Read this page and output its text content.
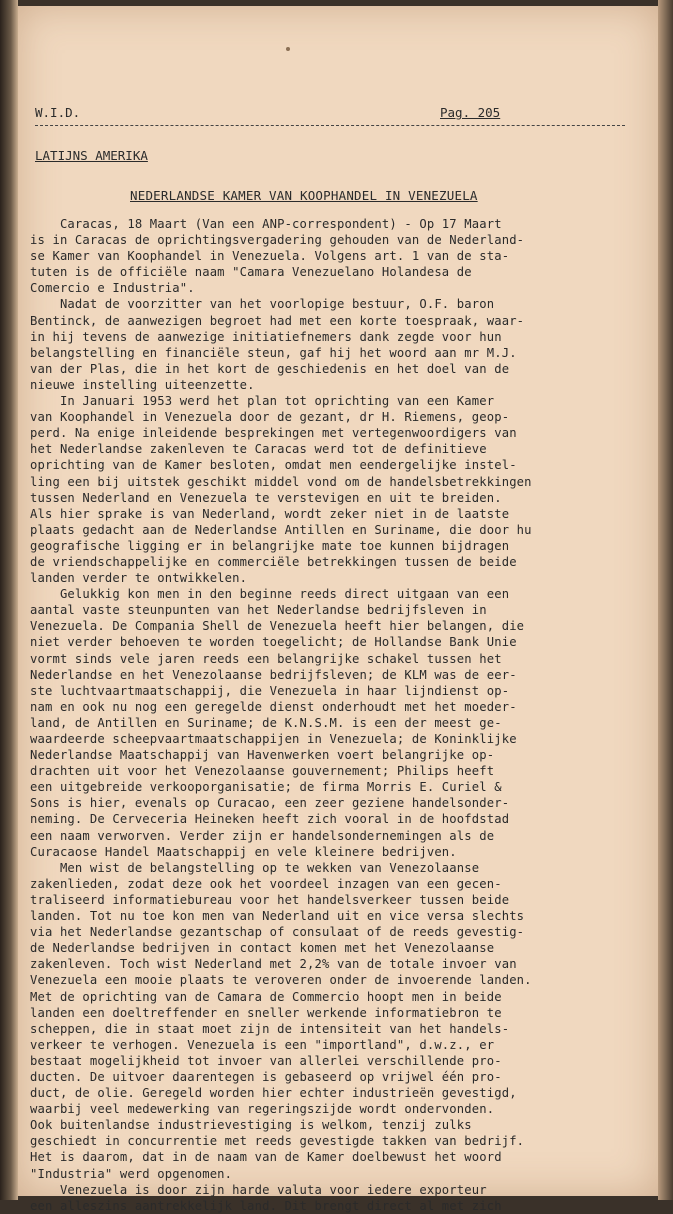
W.I.D.	Pag. 205
LATIJNS AMERIKA
NEDERLANDSE KAMER VAN KOOPHANDEL IN VENEZUELA
Caracas, 18 Maart (Van een ANP-correspondent) - Op 17 Maart
is in Caracas de oprichtingsvergadering gehouden van de Nederland-
se Kamer van Koophandel in Venezuela. Volgens art. 1 van de sta-
tuten is de officiële naam "Camara Venezuelano Holandesa de
Comercio e Industria".
Nadat de voorzitter van het voorlopige bestuur, O.F. baron
Bentinck, de aanwezigen begroet had met een korte toespraak, waar-
in hij tevens de aanwezige initiatiefnemers dank zegde voor hun
belangstelling en financiële steun, gaf hij het woord aan mr M.J.
van der Plas, die in het kort de geschiedenis en het doel van de
nieuwe instelling uiteenzette.
In Januari 1953 werd het plan tot oprichting van een Kamer
van Koophandel in Venezuela door de gezant, dr H. Riemens, geop-
perd. Na enige inleidende besprekingen met vertegenwoordigers van
het Nederlandse zakenleven te Caracas werd tot de definitieve
oprichting van de Kamer besloten, omdat men eendergelijke instel-
ling een bij uitstek geschikt middel vond om de handelsbetrekkingen
tussen Nederland en Venezuela te verstevigen en uit te breiden.
Als hier sprake is van Nederland, wordt zeker niet in de laatste
plaats gedacht aan de Nederlandse Antillen en Suriname, die door hu
geografische ligging er in belangrijke mate toe kunnen bijdragen
de vriendschappelijke en commerciële betrekkingen tussen de beide
landen verder te ontwikkelen.
Gelukkig kon men in den beginne reeds direct uitgaan van een
aantal vaste steunpunten van het Nederlandse bedrijfsleven in
Venezuela. De Compania Shell de Venezuela heeft hier belangen, die
niet verder behoeven te worden toegelicht; de Hollandse Bank Unie
vormt sinds vele jaren reeds een belangrijke schakel tussen het
Nederlandse en het Venezolaanse bedrijfsleven; de KLM was de eer-
ste luchtvaartmaatschappij, die Venezuela in haar lijndienst op-
nam en ook nu nog een geregelde dienst onderhoudt met het moeder-
land, de Antillen en Suriname; de K.N.S.M. is een der meest ge-
waardeerde scheepvaartmaatschappijen in Venezuela; de Koninklijke
Nederlandse Maatschappij van Havenwerken voert belangrijke op-
drachten uit voor het Venezolaanse gouvernement; Philips heeft
een uitgebreide verkooporganisatie; de firma Morris E. Curiel &
Sons is hier, evenals op Curacao, een zeer geziene handelsonder-
neming. De Cerveceria Heineken heeft zich vooral in de hoofdstad
een naam verworven. Verder zijn er handelsondernemingen als de
Curacaose Handel Maatschappij en vele kleinere bedrijven.
Men wist de belangstelling op te wekken van Venezolaanse
zakenlieden, zodat deze ook het voordeel inzagen van een gecen-
traliseerd informatiebureau voor het handelsverkeer tussen beide
landen. Tot nu toe kon men van Nederland uit en vice versa slechts
via het Nederlandse gezantschap of consulaat of de reeds gevestig-
de Nederlandse bedrijven in contact komen met het Venezolaanse
zakenleven. Toch wist Nederland met 2,2% van de totale invoer van
Venezuela een mooie plaats te veroveren onder de invoerende landen.
Met de oprichting van de Camara de Commercio hoopt men in beide
landen een doeltreffender en sneller werkende informatiebron te
scheppen, die in staat moet zijn de intensiteit van het handels-
verkeer te verhogen. Venezuela is een "importland", d.w.z., er
bestaat mogelijkheid tot invoer van allerlei verschillende pro-
ducten. De uitvoer daarentegen is gebaseerd op vrijwel één pro-
duct, de olie. Geregeld worden hier echter industrieën gevestigd,
waarbij veel medewerking van regeringszijde wordt ondervonden.
Ook buitenlandse industrievestiging is welkom, tenzij zulks
geschiedt in concurrentie met reeds gevestigde takken van bedrijf.
Het is daarom, dat in de naam van de Kamer doelbewust het woord
"Industria" werd opgenomen.
Venezuela is door zijn harde valuta voor iedere exporteur
een alleszins aantrekkelijk land. Dit brengt direct al met zich
